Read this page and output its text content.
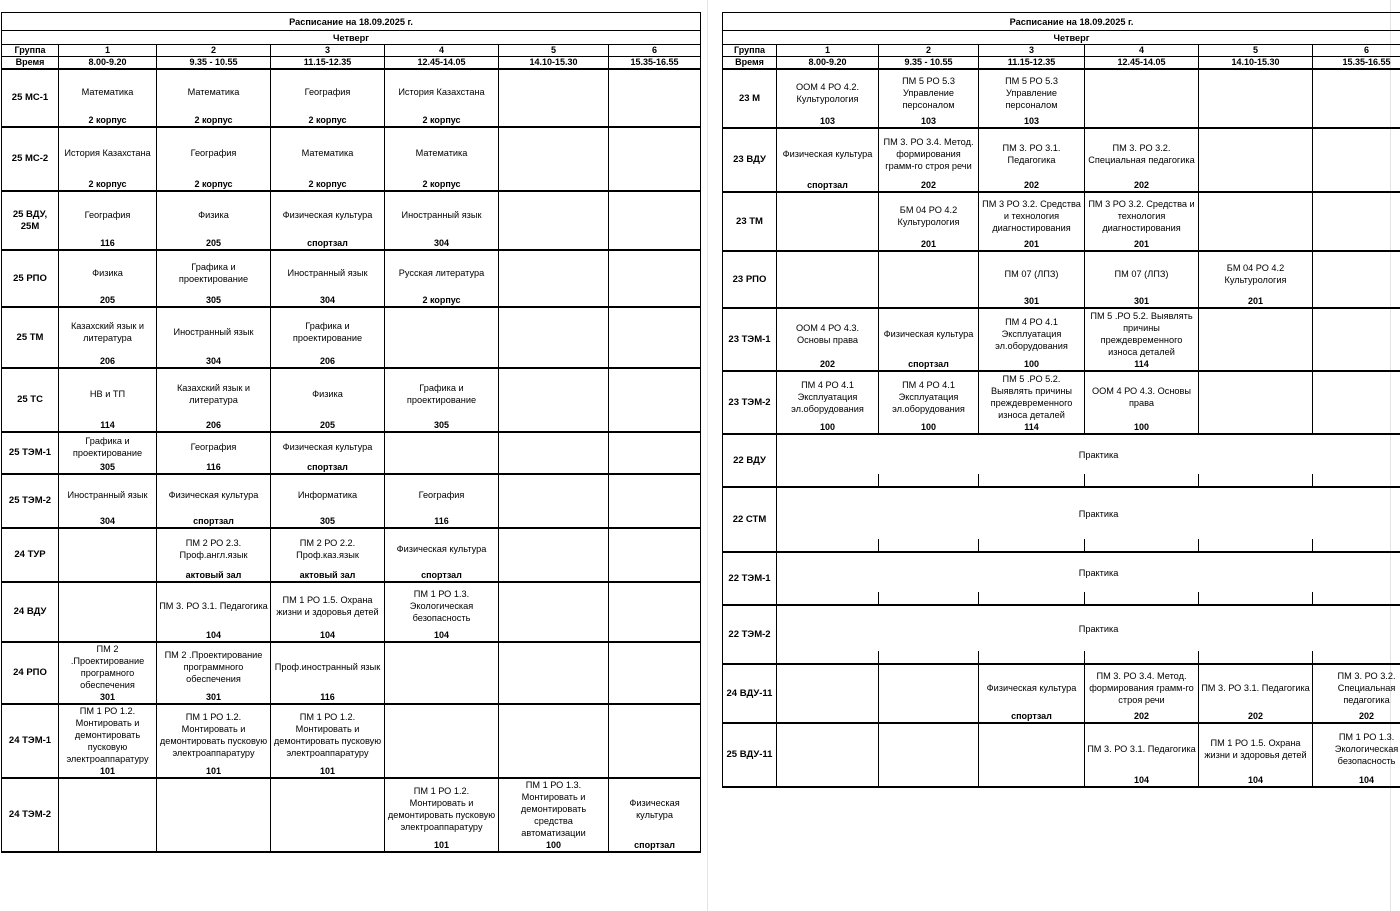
Расписание на 18.09.2025 г.						
Четверг						
Группа	1	2	3	4	5	6
Время	8.00-9.20	9.35 - 10.55	11.15-12.35	12.45-14.05	14.10-15.30	15.35-16.55
25 МС-1	Математика	Математика	География	История Казахстана		
	2 корпус	2 корпус	2 корпус	2 корпус		
25 МС-2	История Казахстана	География	Математика	Математика		
	2 корпус	2 корпус	2 корпус	2 корпус		
25 ВДУ, 25М	География	Физика	Физическая культура	Иностранный язык		
	116	205	спортзал	304		
25 РПО	Физика	Графика и проектирование	Иностранный язык	Русская литература		
	205	305	304	2 корпус		
25 ТМ	Казахский язык и литература	Иностранный язык	Графика и проектирование			
	206	304	206			
25 ТС	НВ и ТП	Казахский язык и литература	Физика	Графика и проектирование		
	114	206	205	305		
25 ТЭМ-1	Графика и проектирование	География	Физическая культура			
	305	116	спортзал			
25 ТЭМ-2	Иностранный язык	Физическая культура	Информатика	География		
	304	спортзал	305	116		
24 ТУР		ПМ 2 РО 2.3. Проф.англ.язык	ПМ 2 РО 2.2. Проф.каз.язык	Физическая культура		
		актовый зал	актовый зал	спортзал		
24 ВДУ		ПМ 3. РО 3.1. Педагогика	ПМ 1 РО 1.5. Охрана жизни и здоровья детей	ПМ 1 РО 1.3. Экологическая безопасность		
		104	104	104		
24 РПО	ПМ 2 .Проектирование програмного обеспечения	ПМ 2 .Проектирование программного обеспечения	Проф.иностранный язык			
	301	301	116			
24 ТЭМ-1	ПМ 1 РО 1.2. Монтировать и демонтировать пусковую электроаппаратуру	ПМ 1 РО 1.2. Монтировать и демонтировать пусковую электроаппаратуру	ПМ 1 РО 1.2. Монтировать и демонтировать пусковую электроаппаратуру			
	101	101	101			
24 ТЭМ-2				ПМ 1 РО 1.2. Монтировать и демонтировать пусковую электроаппаратуру	ПМ 1 РО 1.3. Монтировать и демонтировать средства автоматизации	Физическая культура
				101	100	спортзал
Расписание на 18.09.2025 г.						
Четверг						
Группа	1	2	3	4	5	6
Время	8.00-9.20	9.35 - 10.55	11.15-12.35	12.45-14.05	14.10-15.30	15.35-16.55
23 М	ООМ 4 РО 4.2. Культурология	ПМ 5 РО 5.3 Управление персоналом	ПМ 5 РО 5.3 Управление персоналом			
	103	103	103			
23 ВДУ	Физическая культура	ПМ 3. РО 3.4. Метод. формирования грамм-го строя речи	ПМ 3. РО 3.1. Педагогика	ПМ 3. РО 3.2. Специальная педагогика		
	спортзал	202	202	202		
23 ТМ		БМ 04 РО 4.2 Культурология	ПМ 3 РО 3.2. Средства и технология диагностирования	ПМ 3 РО 3.2. Средства и технология диагностирования		
		201	201	201		
23 РПО			ПМ 07 (ЛПЗ)	ПМ 07 (ЛПЗ)	БМ 04 РО 4.2 Культурология	
			301	301	201	
23 ТЭМ-1	ООМ 4 РО 4.3. Основы права	Физическая культура	ПМ 4 РО 4.1 Эксплуатация эл.оборудования	ПМ 5 .РО 5.2. Выявлять причины преждевременного износа деталей		
	202	спортзал	100	114		
23 ТЭМ-2	ПМ 4 РО 4.1 Эксплуатация эл.оборудования	ПМ 4 РО 4.1 Эксплуатация эл.оборудования	ПМ 5 .РО 5.2. Выявлять причины преждевременного износа деталей	ООМ 4 РО 4.3. Основы права		
	100	100	114	100		
22 ВДУ	Практика					

22 СТМ	Практика					

22 ТЭМ-1	Практика					

22 ТЭМ-2	Практика					

24 ВДУ-11			Физическая культура	ПМ 3. РО 3.4. Метод. формирования грамм-го строя речи	ПМ 3. РО 3.1. Педагогика	ПМ 3. РО 3.2. Специальная педагогика
			спортзал	202	202	202
25 ВДУ-11				ПМ 3. РО 3.1. Педагогика	ПМ 1 РО 1.5. Охрана жизни и здоровья детей	ПМ 1 РО 1.3. Экологическая безопасность
				104	104	104
